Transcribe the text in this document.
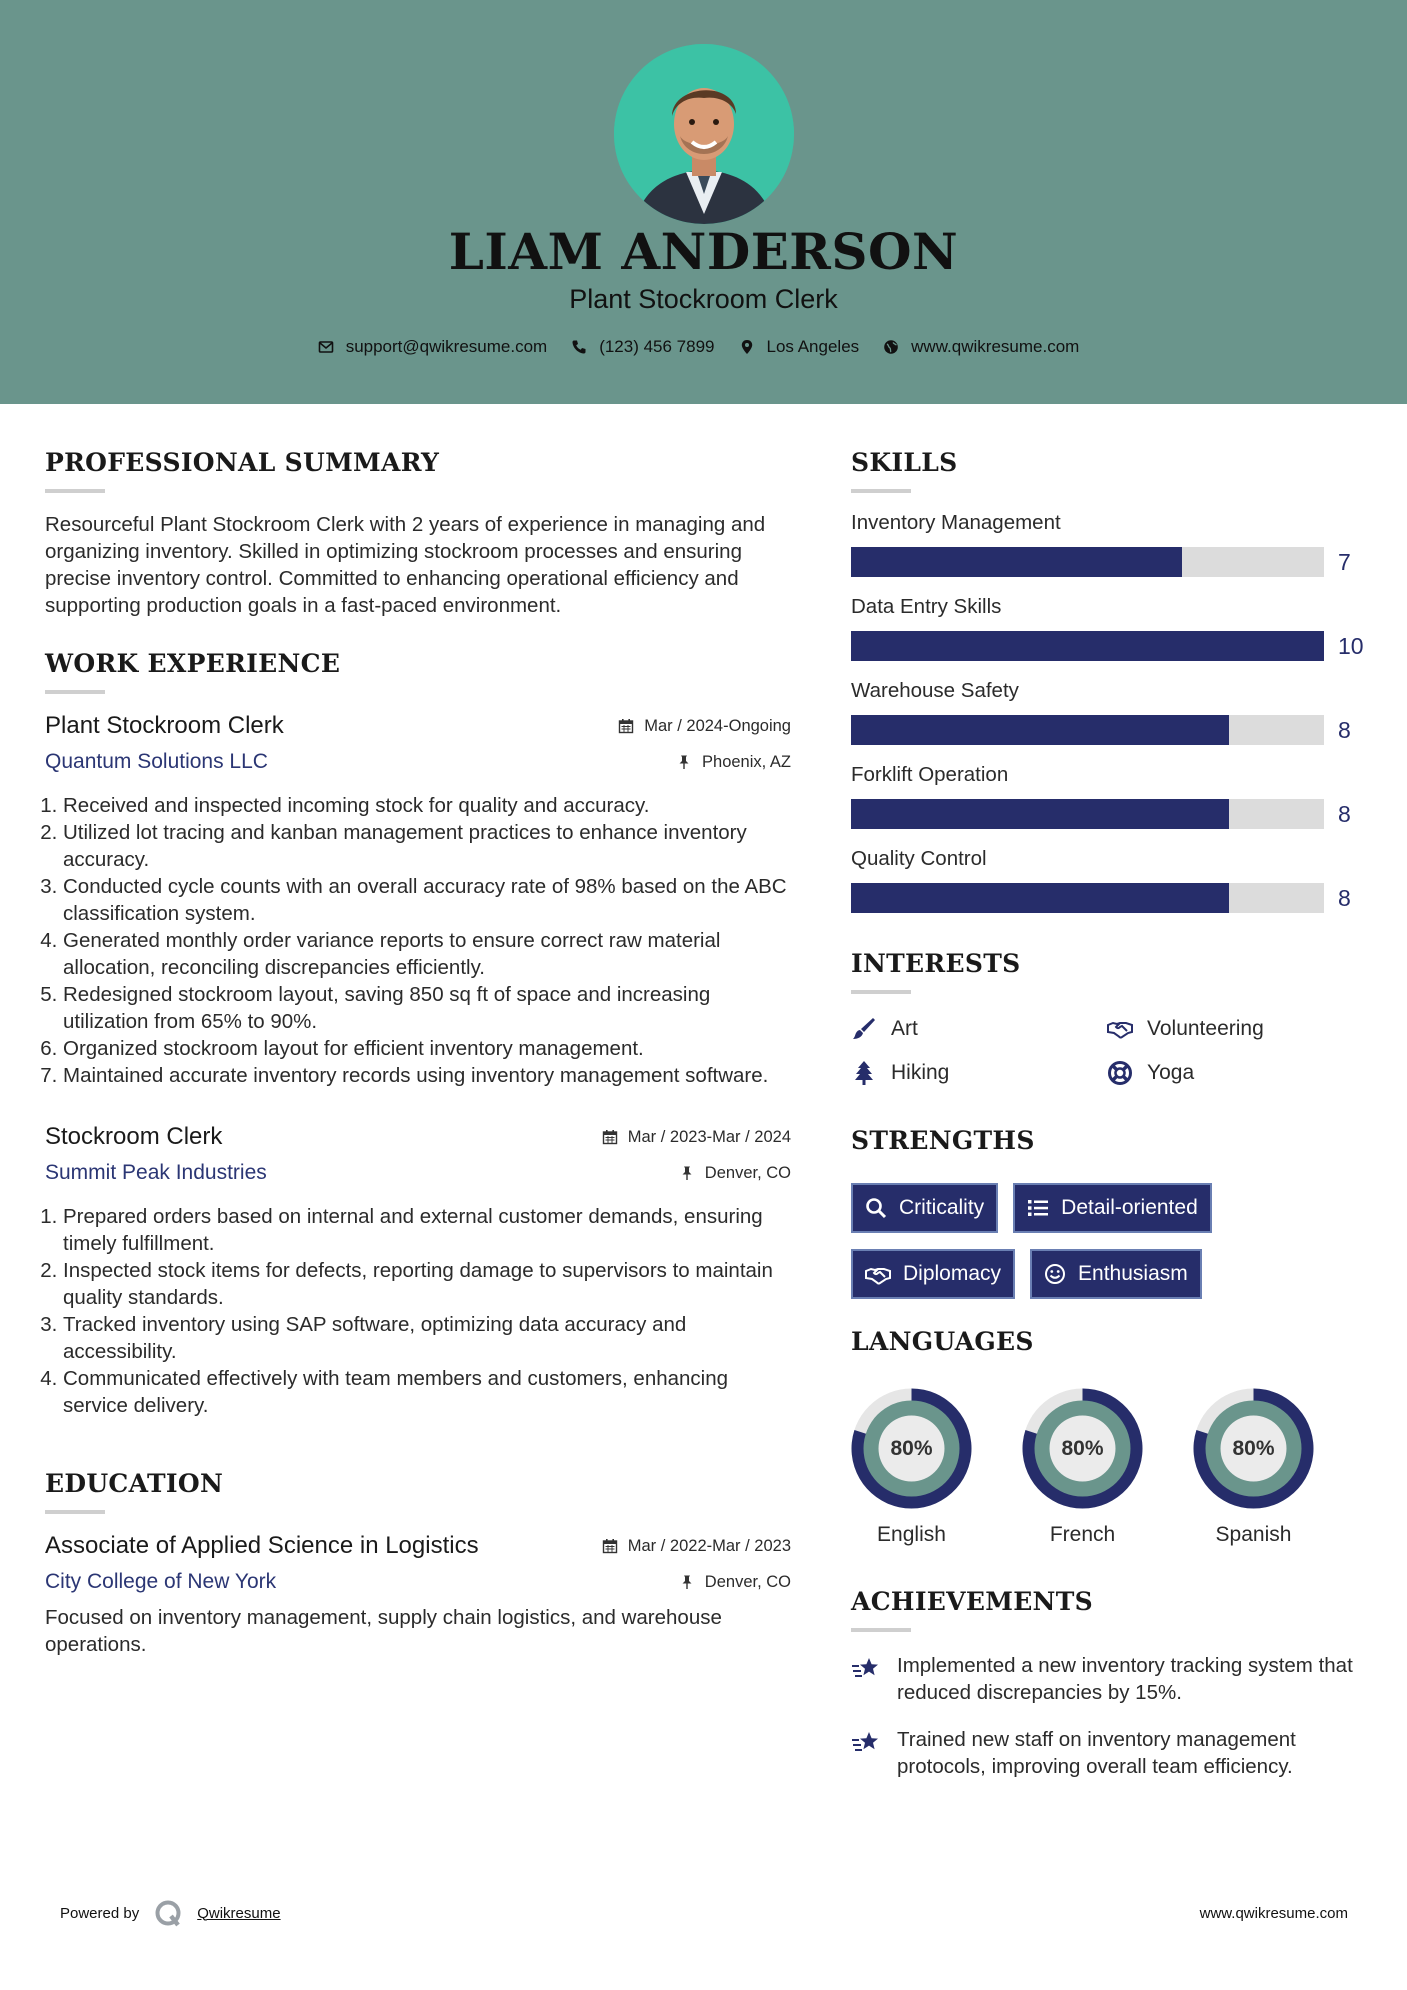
LIAM ANDERSON
Plant Stockroom Clerk
support@qwikresume.com	(123) 456 7899	Los Angeles	www.qwikresume.com
PROFESSIONAL SUMMARY
Resourceful Plant Stockroom Clerk with 2 years of experience in managing and organizing inventory. Skilled in optimizing stockroom processes and ensuring precise inventory control. Committed to enhancing operational efficiency and supporting production goals in a fast-paced environment.
WORK EXPERIENCE
Plant Stockroom Clerk	Mar / 2024-Ongoing
Quantum Solutions LLC	Phoenix, AZ
1. Received and inspected incoming stock for quality and accuracy.
2. Utilized lot tracing and kanban management practices to enhance inventory accuracy.
3. Conducted cycle counts with an overall accuracy rate of 98% based on the ABC classification system.
4. Generated monthly order variance reports to ensure correct raw material allocation, reconciling discrepancies efficiently.
5. Redesigned stockroom layout, saving 850 sq ft of space and increasing utilization from 65% to 90%.
6. Organized stockroom layout for efficient inventory management.
7. Maintained accurate inventory records using inventory management software.
Stockroom Clerk	Mar / 2023-Mar / 2024
Summit Peak Industries	Denver, CO
1. Prepared orders based on internal and external customer demands, ensuring timely fulfillment.
2. Inspected stock items for defects, reporting damage to supervisors to maintain quality standards.
3. Tracked inventory using SAP software, optimizing data accuracy and accessibility.
4. Communicated effectively with team members and customers, enhancing service delivery.
EDUCATION
Associate of Applied Science in Logistics	Mar / 2022-Mar / 2023
City College of New York	Denver, CO
Focused on inventory management, supply chain logistics, and warehouse operations.
SKILLS
Inventory Management
7
Data Entry Skills
10
Warehouse Safety
8
Forklift Operation
8
Quality Control
8
INTERESTS
Art	Volunteering
Hiking	Yoga
STRENGTHS
Criticality	Detail-oriented
Diplomacy	Enthusiasm
LANGUAGES
80%
English
80%
French
80%
Spanish
ACHIEVEMENTS
Implemented a new inventory tracking system that reduced discrepancies by 15%.
Trained new staff on inventory management protocols, improving overall team efficiency.
Powered by	Qwikresume	www.qwikresume.com
